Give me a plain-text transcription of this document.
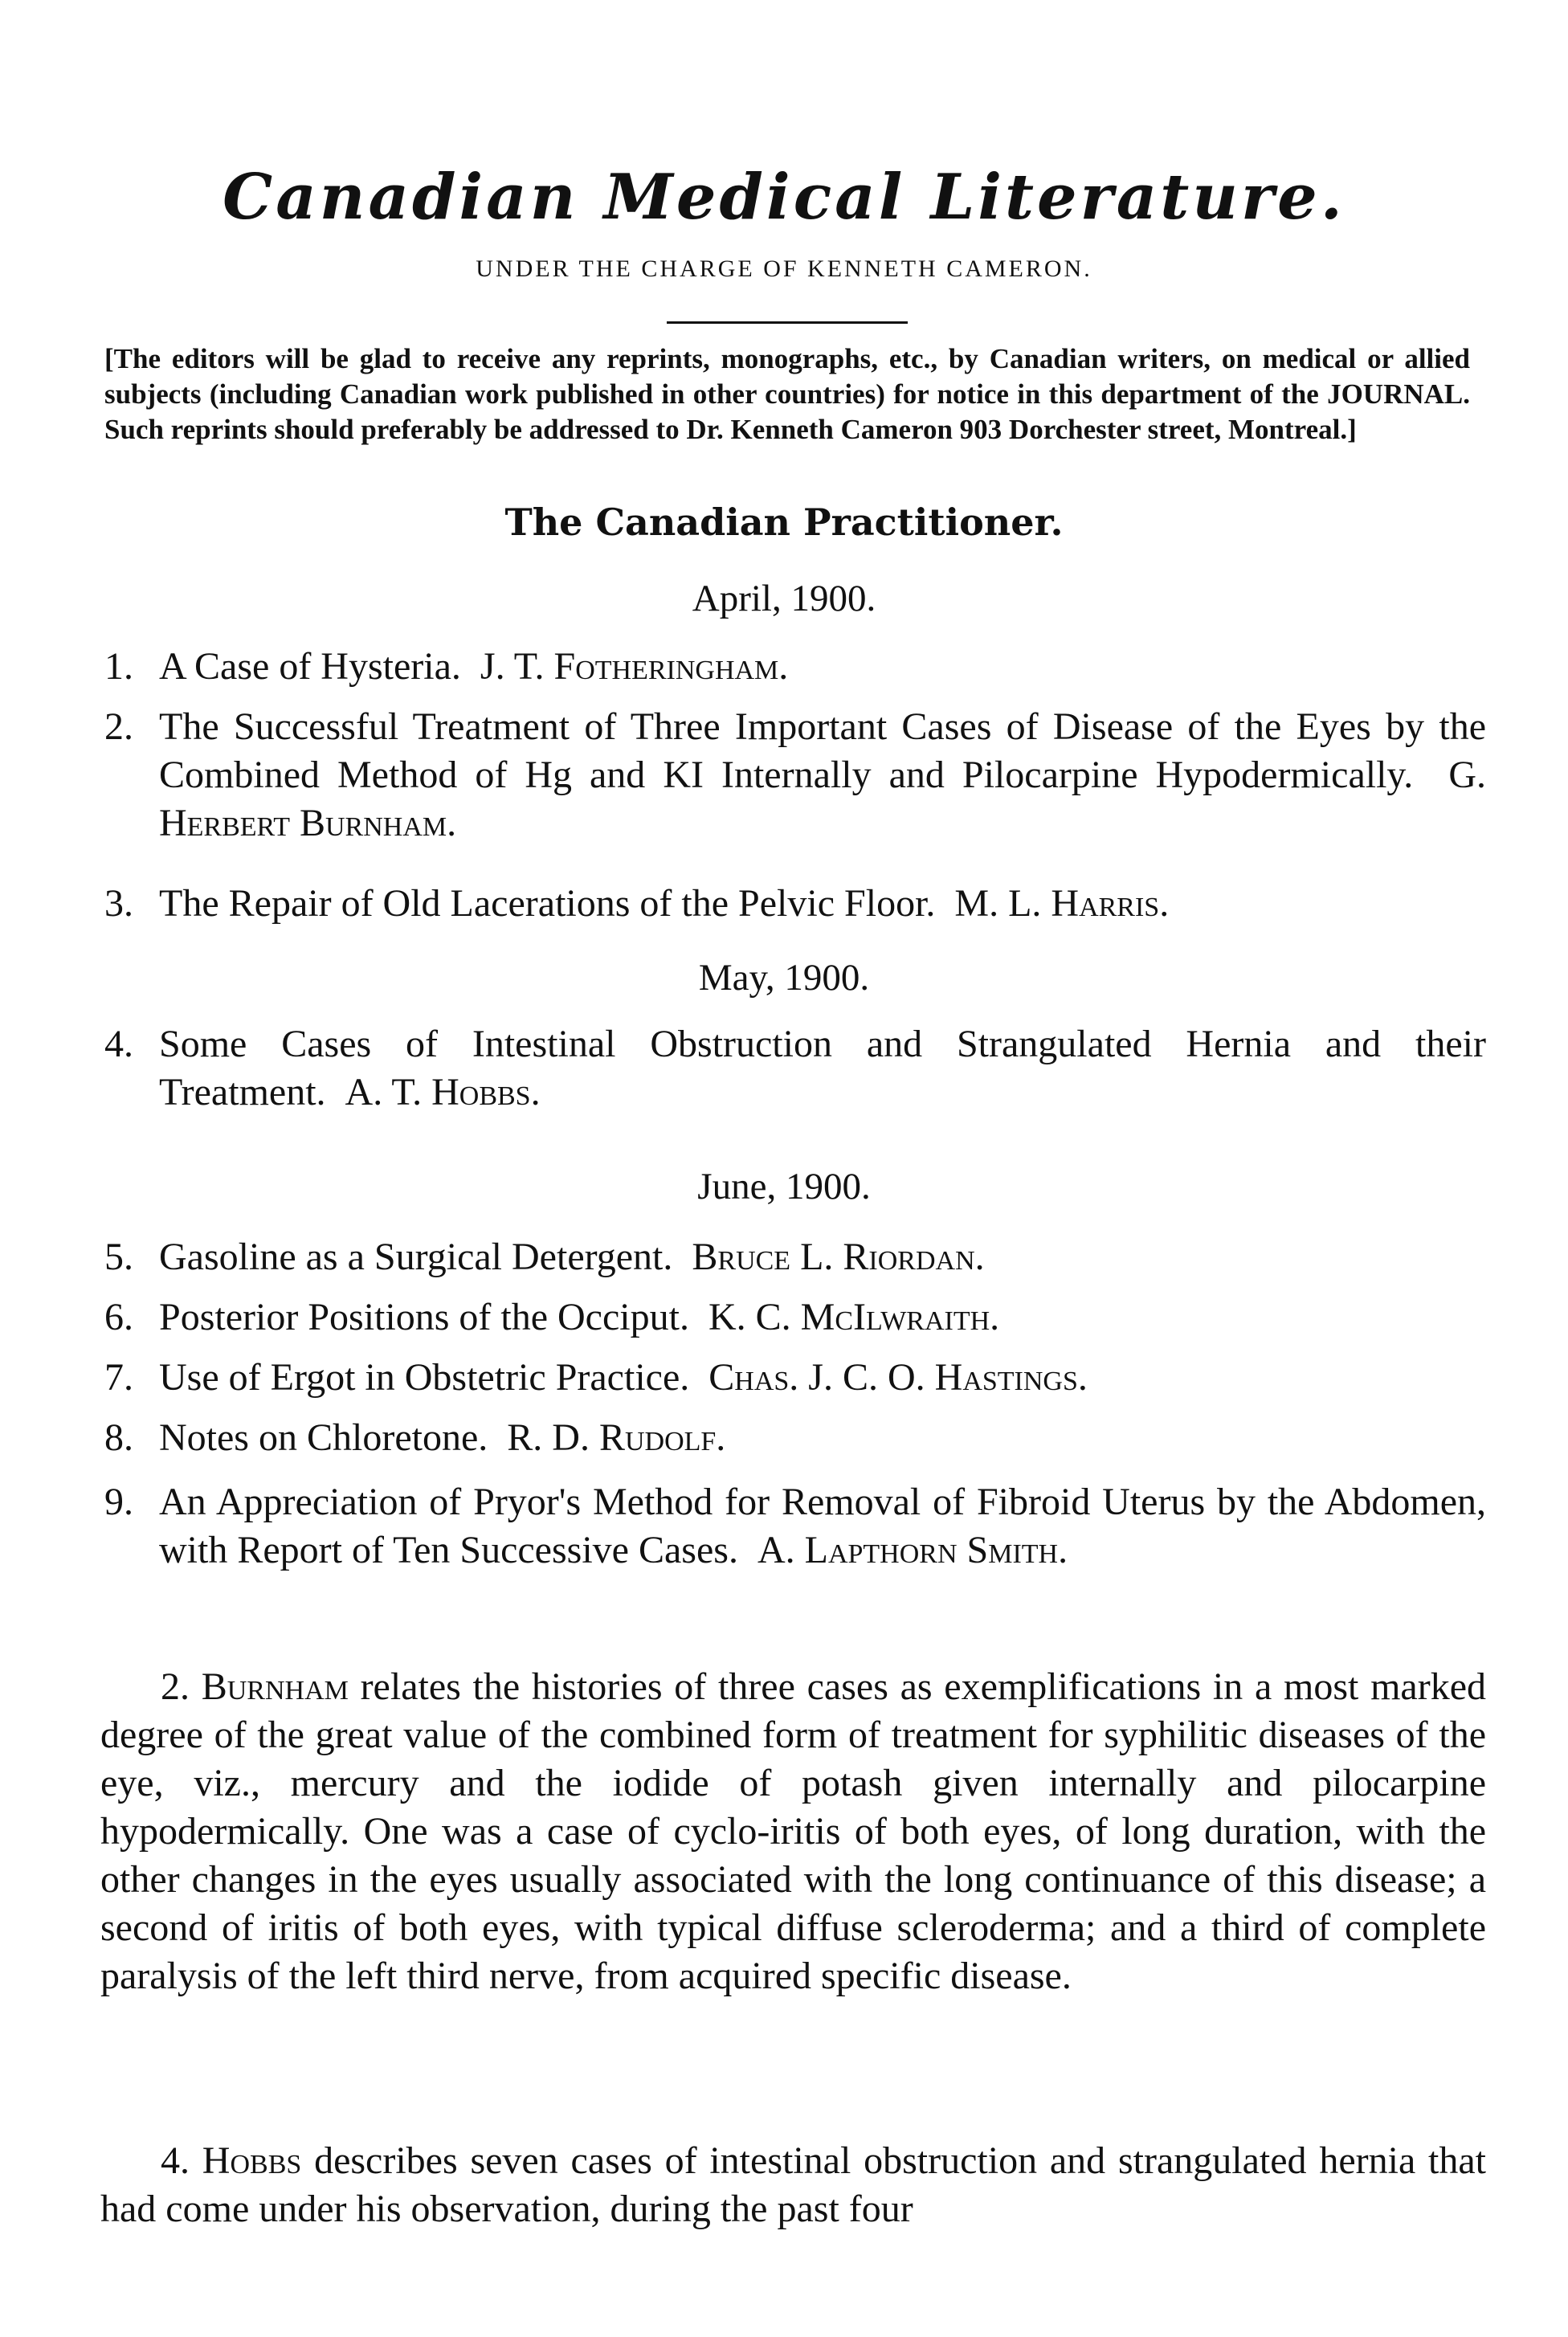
Canadian Medical Literature.
UNDER THE CHARGE OF KENNETH CAMERON.
[The editors will be glad to receive any reprints, monographs, etc., by Canadian writers, on medical or allied subjects (including Canadian work published in other countries) for notice in this department of the JOURNAL. Such reprints should preferably be addressed to Dr. Kenneth Cameron 903 Dorchester street, Montreal.]
The Canadian Practitioner.
April, 1900.
1. A Case of Hysteria. J. T. Fotheringham.
2. The Successful Treatment of Three Important Cases of Disease of the Eyes by the Combined Method of Hg and KI Internally and Pilocarpine Hypodermically. G. Herbert Burnham.
3. The Repair of Old Lacerations of the Pelvic Floor. M. L. Harris.
May, 1900.
4. Some Cases of Intestinal Obstruction and Strangulated Hernia and their Treatment. A. T. Hobbs.
June, 1900.
5. Gasoline as a Surgical Detergent. Bruce L. Riordan.
6. Posterior Positions of the Occiput. K. C. McIlwraith.
7. Use of Ergot in Obstetric Practice. Chas. J. C. O. Hastings.
8. Notes on Chloretone. R. D. Rudolf.
9. An Appreciation of Pryor's Method for Removal of Fibroid Uterus by the Abdomen, with Report of Ten Successive Cases. A. Lapthorn Smith.
2. Burnham relates the histories of three cases as exemplifications in a most marked degree of the great value of the combined form of treatment for syphilitic diseases of the eye, viz., mercury and the iodide of potash given internally and pilocarpine hypodermically. One was a case of cyclo-iritis of both eyes, of long duration, with the other changes in the eyes usually associated with the long continuance of this disease; a second of iritis of both eyes, with typical diffuse scleroderma; and a third of complete paralysis of the left third nerve, from acquired specific disease.
4. Hobbs describes seven cases of intestinal obstruction and strangulated hernia that had come under his observation, during the past four
